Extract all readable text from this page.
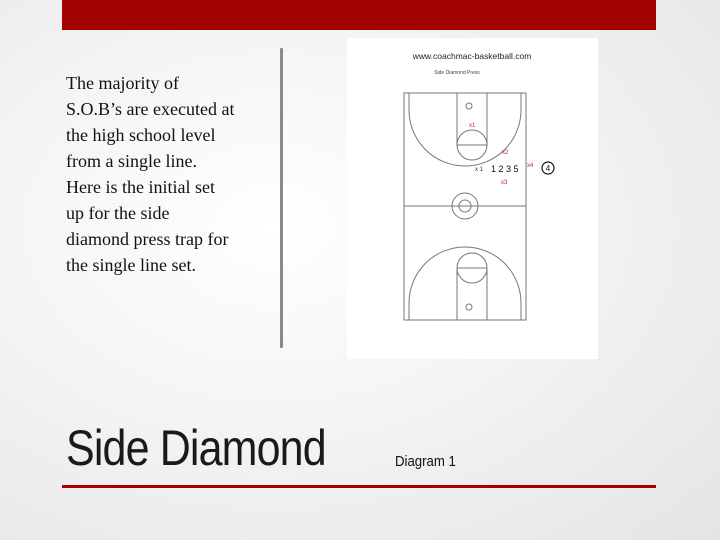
The majority of
S.O.B’s are executed at
the high school level
from a single line.
Here is the initial set
up for the side
diamond press trap for
the single line set.
www.coachmac-basketball.com
Side Diamond Press
x1
x2
x4
x3
x 1 1 2 3 5	4
Side Diamond	Diagram 1
